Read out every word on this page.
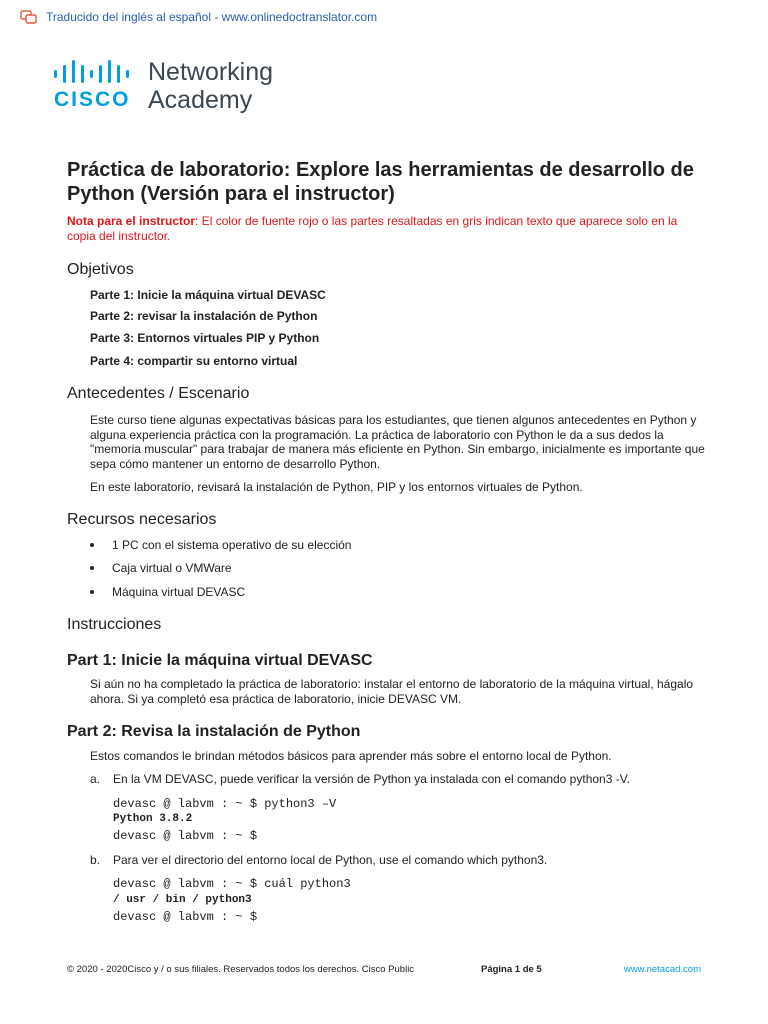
Traducido del inglés al español - www.onlinedoctranslator.com
CISCO
Networking
Academy
Práctica de laboratorio: Explore las herramientas de desarrollo de Python (Versión para el instructor)
Nota para el instructor: El color de fuente rojo o las partes resaltadas en gris indican texto que aparece solo en la copia del instructor.
Objetivos
Parte 1: Inicie la máquina virtual DEVASC
Parte 2: revisar la instalación de Python
Parte 3: Entornos virtuales PIP y Python
Parte 4: compartir su entorno virtual
Antecedentes / Escenario
Este curso tiene algunas expectativas básicas para los estudiantes, que tienen algunos antecedentes en Python y alguna experiencia práctica con la programación. La práctica de laboratorio con Python le da a sus dedos la "memoria muscular" para trabajar de manera más eficiente en Python. Sin embargo, inicialmente es importante que sepa cómo mantener un entorno de desarrollo Python.
En este laboratorio, revisará la instalación de Python, PIP y los entornos virtuales de Python.
Recursos necesarios
1 PC con el sistema operativo de su elección
Caja virtual o VMWare
Máquina virtual DEVASC
Instrucciones
Part 1: Inicie la máquina virtual DEVASC
Si aún no ha completado la práctica de laboratorio: instalar el entorno de laboratorio de la máquina virtual, hágalo ahora. Si ya completó esa práctica de laboratorio, inicie DEVASC VM.
Part 2: Revisa la instalación de Python
Estos comandos le brindan métodos básicos para aprender más sobre el entorno local de Python.
a. En la VM DEVASC, puede verificar la versión de Python ya instalada con el comando python3 -V.
devasc @ labvm : ~ $ python3 –V
Python 3.8.2
devasc @ labvm : ~ $
b. Para ver el directorio del entorno local de Python, use el comando which python3.
devasc @ labvm : ~ $ cuál python3
/ usr / bin / python3
devasc @ labvm : ~ $
© 2020 - 2020Cisco y / o sus filiales. Reservados todos los derechos. Cisco Public	Página 1 de 5	www.netacad.com
